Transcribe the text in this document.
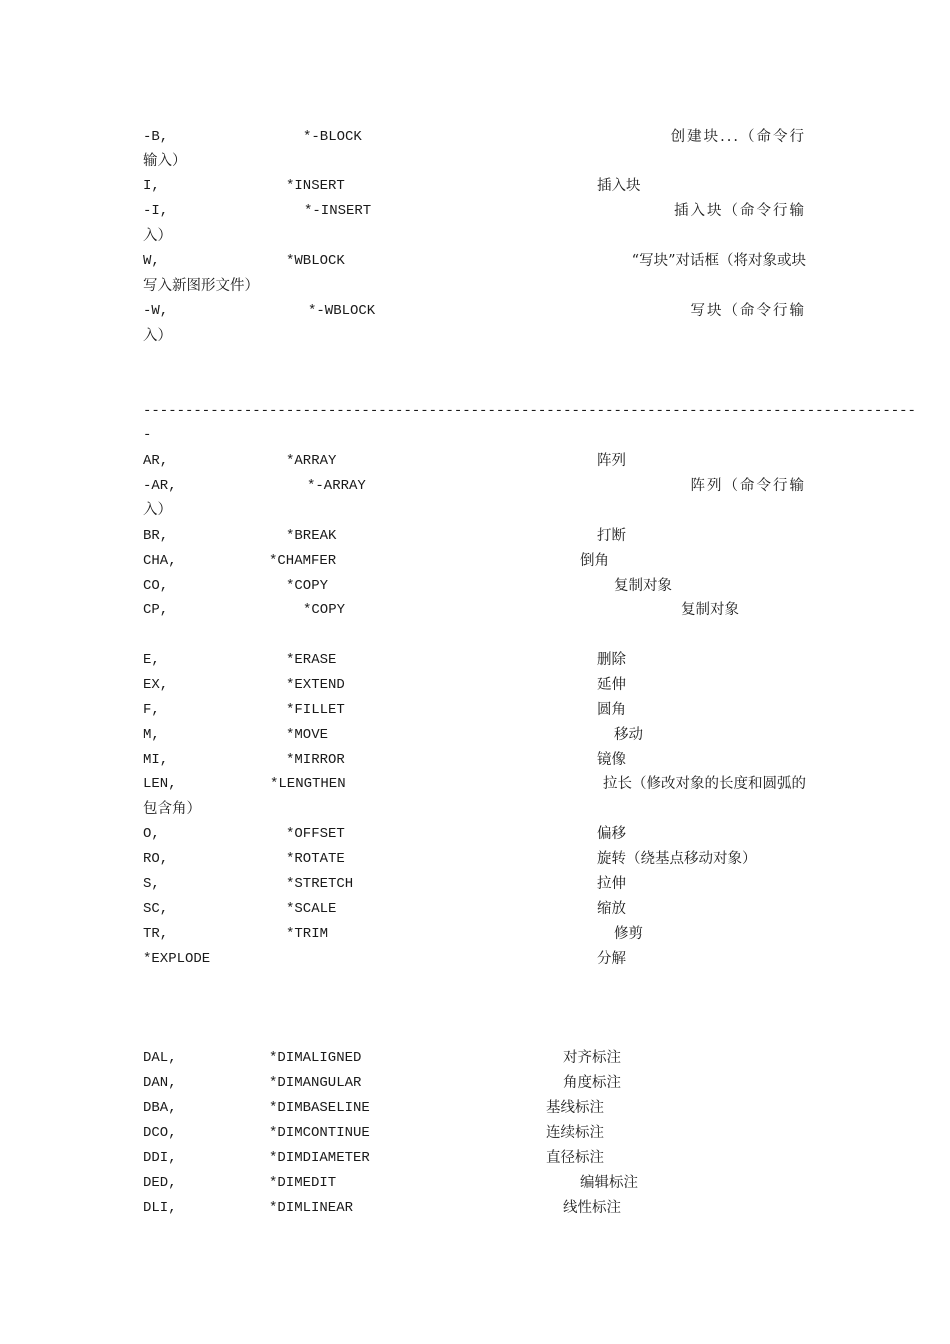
-B,	*-BLOCK	创建块...（命令行
输入）
I,	*INSERT	插入块
-I,	*-INSERT	插入块（命令行输
入）
W,	*WBLOCK	“写块”对话框（将对象或块
写入新图形文件）
-W,	*-WBLOCK	写块（命令行输
入）
--------------------------------------------------------------------------------------------
-
AR,	*ARRAY	阵列
-AR,	*-ARRAY	阵列（命令行输
入）
BR,	*BREAK	打断
CHA,	*CHAMFER	倒角
CO,	*COPY	复制对象
CP,	*COPY	复制对象
E,	*ERASE	删除
EX,	*EXTEND	延伸
F,	*FILLET	圆角
M,	*MOVE	移动
MI,	*MIRROR	镜像
LEN,	*LENGTHEN	拉长（修改对象的长度和圆弧的
包含角）
O,	*OFFSET	偏移
RO,	*ROTATE	旋转（绕基点移动对象）
S,	*STRETCH	拉伸
SC,	*SCALE	缩放
TR,	*TRIM	修剪
*EXPLODE	分解
DAL,	*DIMALIGNED	对齐标注
DAN,	*DIMANGULAR	角度标注
DBA,	*DIMBASELINE	基线标注
DCO,	*DIMCONTINUE	连续标注
DDI,	*DIMDIAMETER	直径标注
DED,	*DIMEDIT	编辑标注
DLI,	*DIMLINEAR	线性标注
